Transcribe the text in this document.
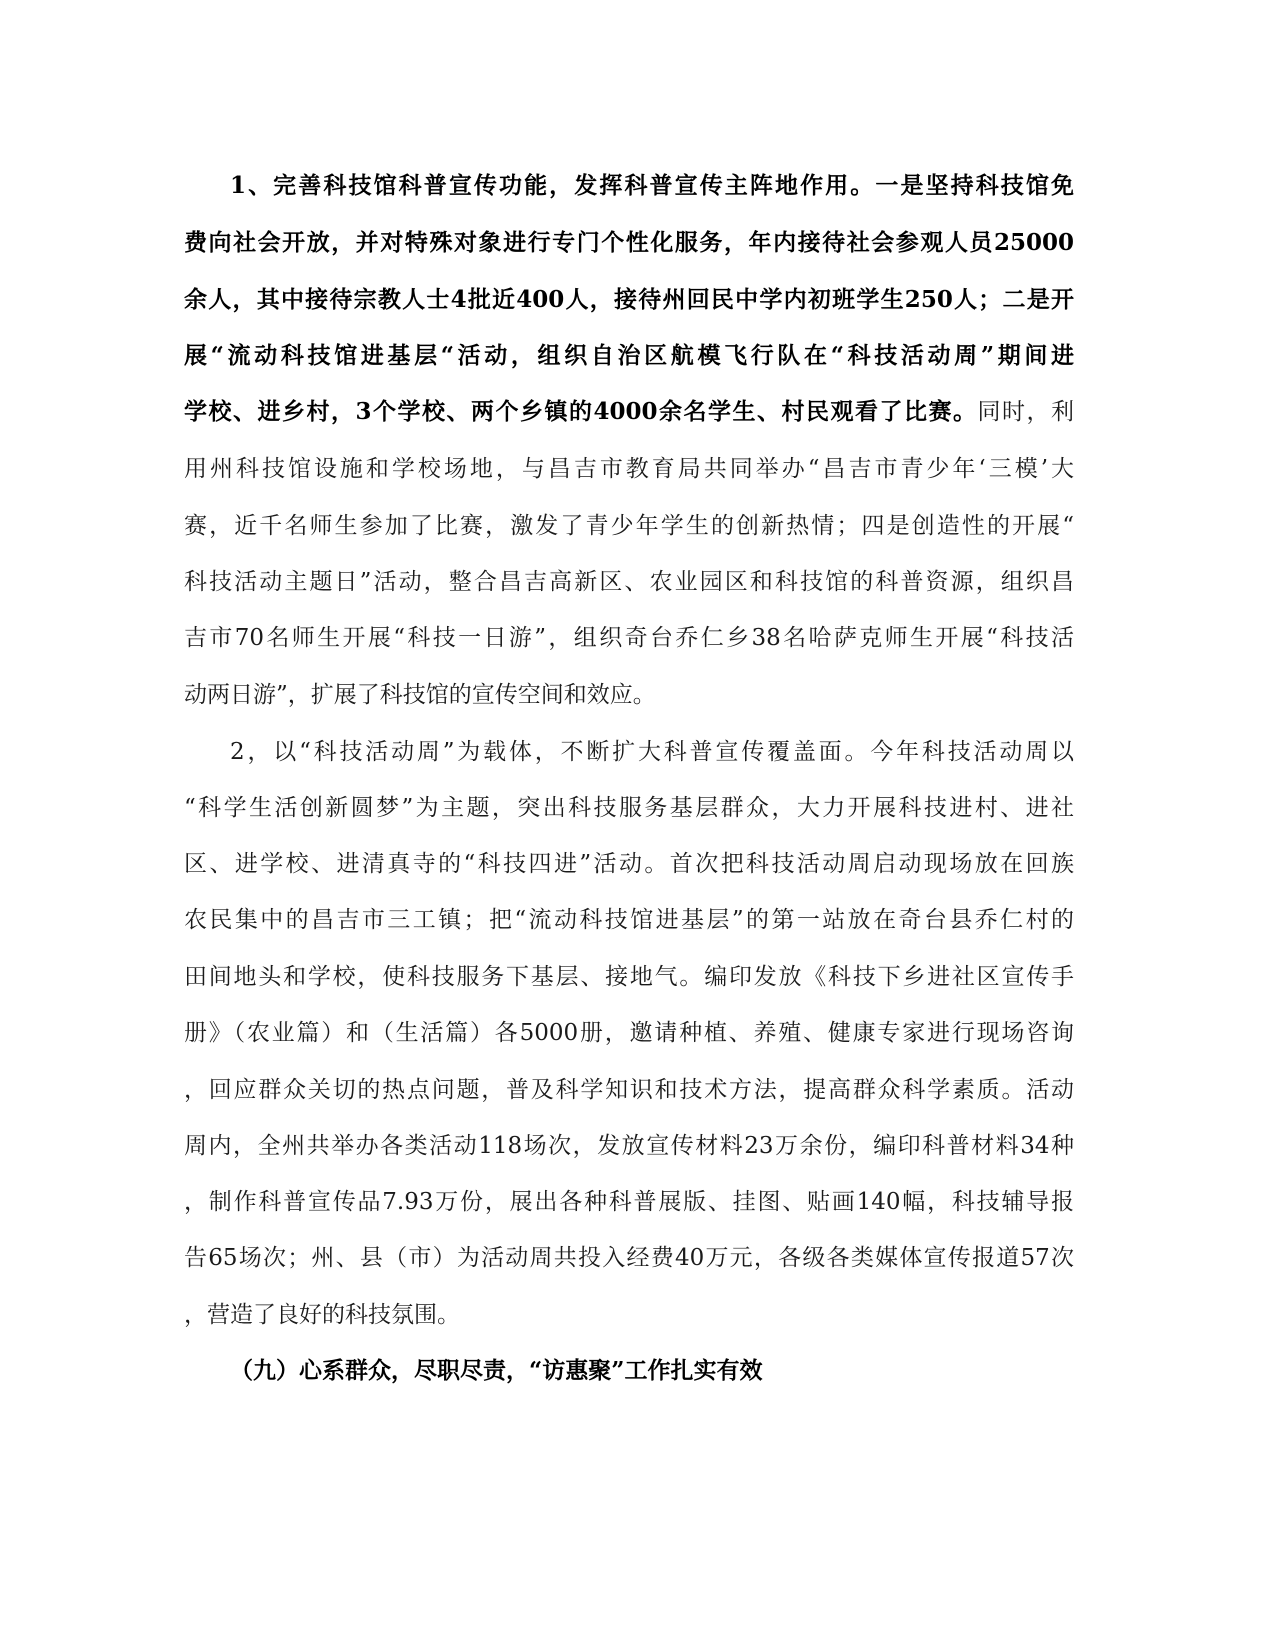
1、完善科技馆科普宣传功能，发挥科普宣传主阵地作用。一是坚持科技馆免
费向社会开放，并对特殊对象进行专门个性化服务，年内接待社会参观人员25000
余人，其中接待宗教人士4批近400人，接待州回民中学内初班学生250人；二是开
展“流动科技馆进基层“活动，组织自治区航模飞行队在“科技活动周”期间进
学校、进乡村，3个学校、两个乡镇的4000余名学生、村民观看了比赛。同时，利
用州科技馆设施和学校场地，与昌吉市教育局共同举办“昌吉市青少年‘三模’大
赛，近千名师生参加了比赛，激发了青少年学生的创新热情；四是创造性的开展“
科技活动主题日”活动，整合昌吉高新区、农业园区和科技馆的科普资源，组织昌
吉市70名师生开展“科技一日游”，组织奇台乔仁乡38名哈萨克师生开展“科技活
动两日游”，扩展了科技馆的宣传空间和效应。
2，以“科技活动周”为载体，不断扩大科普宣传覆盖面。今年科技活动周以
“科学生活创新圆梦”为主题，突出科技服务基层群众，大力开展科技进村、进社
区、进学校、进清真寺的“科技四进”活动。首次把科技活动周启动现场放在回族
农民集中的昌吉市三工镇；把“流动科技馆进基层”的第一站放在奇台县乔仁村的
田间地头和学校，使科技服务下基层、接地气。编印发放《科技下乡进社区宣传手
册》（农业篇）和（生活篇）各5000册，邀请种植、养殖、健康专家进行现场咨询
，回应群众关切的热点问题，普及科学知识和技术方法，提高群众科学素质。活动
周内，全州共举办各类活动118场次，发放宣传材料23万余份，编印科普材料34种
，制作科普宣传品7.93万份，展出各种科普展版、挂图、贴画140幅，科技辅导报
告65场次；州、县（市）为活动周共投入经费40万元，各级各类媒体宣传报道57次
，营造了良好的科技氛围。
（九）心系群众，尽职尽责，“访惠聚”工作扎实有效
